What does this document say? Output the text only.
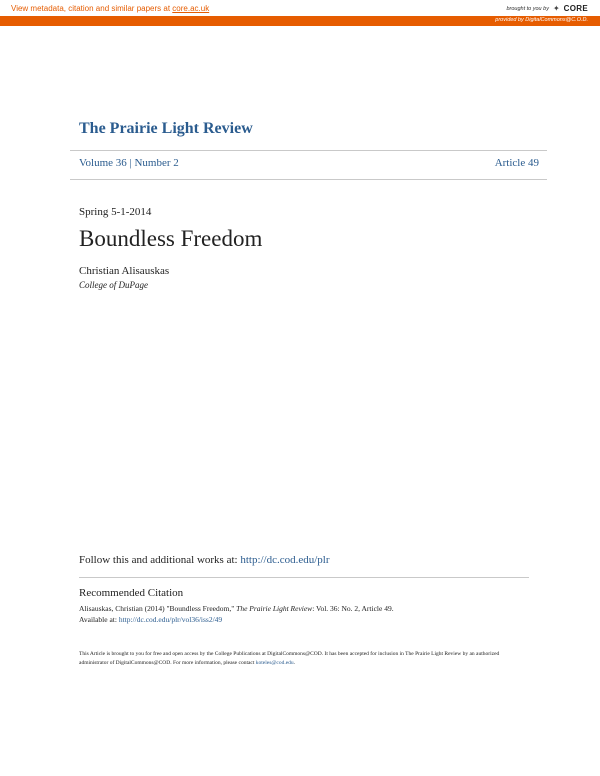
View metadata, citation and similar papers at core.ac.uk	brought to you by ✦ CORE
provided by DigitalCommons@C.O.D.
The Prairie Light Review
Volume 36 | Number 2	Article 49
Spring 5-1-2014
Boundless Freedom
Christian Alisauskas
College of DuPage
Follow this and additional works at: http://dc.cod.edu/plr
Recommended Citation
Alisauskas, Christian (2014) "Boundless Freedom," The Prairie Light Review: Vol. 36: No. 2, Article 49.
Available at: http://dc.cod.edu/plr/vol36/iss2/49
This Article is brought to you for free and open access by the College Publications at DigitalCommons@COD. It has been accepted for inclusion in The Prairie Light Review by an authorized administrator of DigitalCommons@COD. For more information, please contact koteles@cod.edu.
